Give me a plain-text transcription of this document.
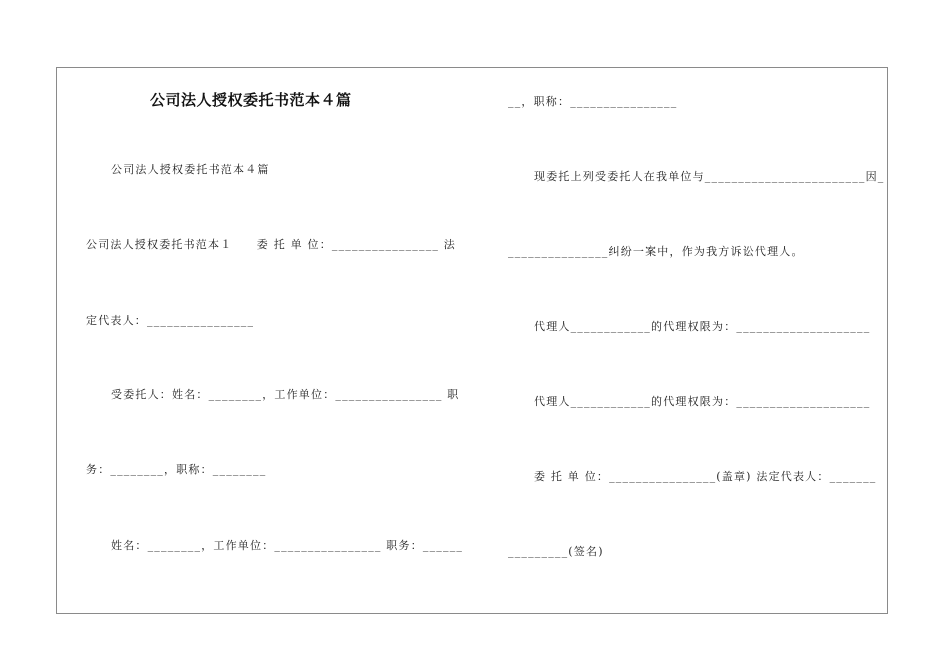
公司法人授权委托书范本４篇
公司法人授权委托书范本４篇
公司法人授权委托书范本１　　委 托 单 位：________________ 法
定代表人：________________
受委托人：姓名：________，工作单位：________________ 职
务：________，职称：________
姓名：________，工作单位：________________ 职务：______
__，职称：________________
现委托上列受委托人在我单位与________________________因_
_______________纠纷一案中，作为我方诉讼代理人。
代理人____________的代理权限为：____________________
代理人____________的代理权限为：____________________
委 托 单 位：________________(盖章) 法定代表人：_______
_________(签名)
